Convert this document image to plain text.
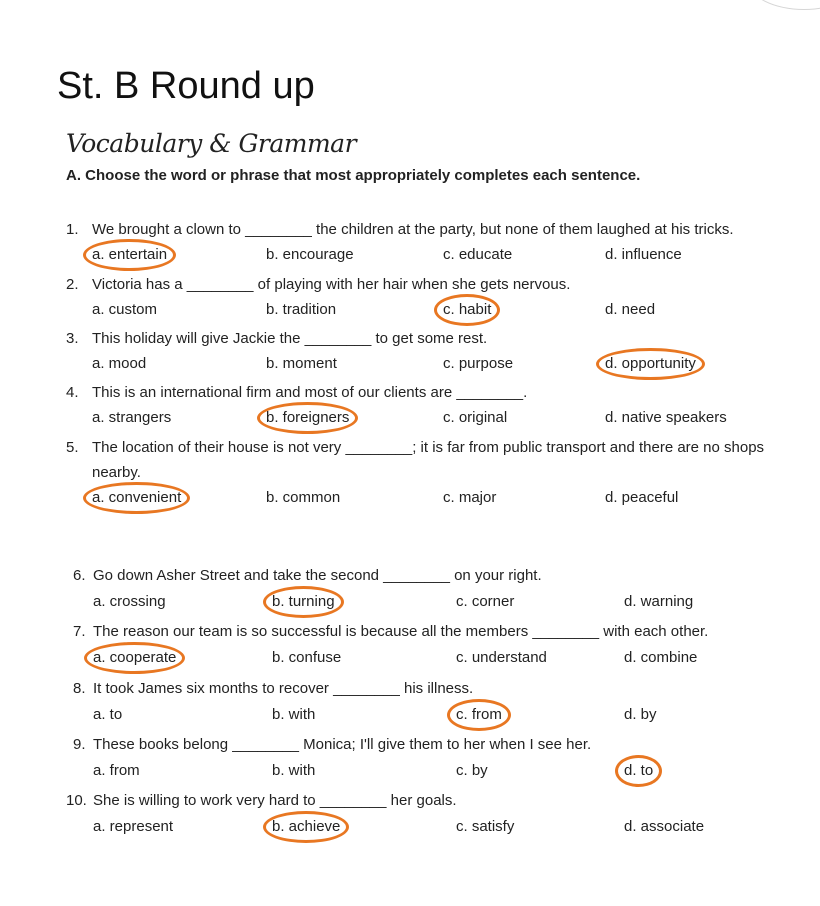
St. B Round up
Vocabulary & Grammar
A. Choose the word or phrase that most appropriately completes each sentence.
1. We brought a clown to ________ the children at the party, but none of them laughed at his tricks.
a. entertain	b. encourage	c. educate	d. influence
2. Victoria has a ________ of playing with her hair when she gets nervous.
a. custom	b. tradition	c. habit	d. need
3. This holiday will give Jackie the ________ to get some rest.
a. mood	b. moment	c. purpose	d. opportunity
4. This is an international firm and most of our clients are ________.
a. strangers	b. foreigners	c. original	d. native speakers
5. The location of their house is not very ________; it is far from public transport and there are no shops
nearby.
a. convenient	b. common	c. major	d. peaceful
6. Go down Asher Street and take the second ________ on your right.
a. crossing	b. turning	c. corner	d. warning
7. The reason our team is so successful is because all the members ________ with each other.
a. cooperate	b. confuse	c. understand	d. combine
8. It took James six months to recover ________ his illness.
a. to	b. with	c. from	d. by
9. These books belong ________ Monica; I'll give them to her when I see her.
a. from	b. with	c. by	d. to
10. She is willing to work very hard to ________ her goals.
a. represent	b. achieve	c. satisfy	d. associate
